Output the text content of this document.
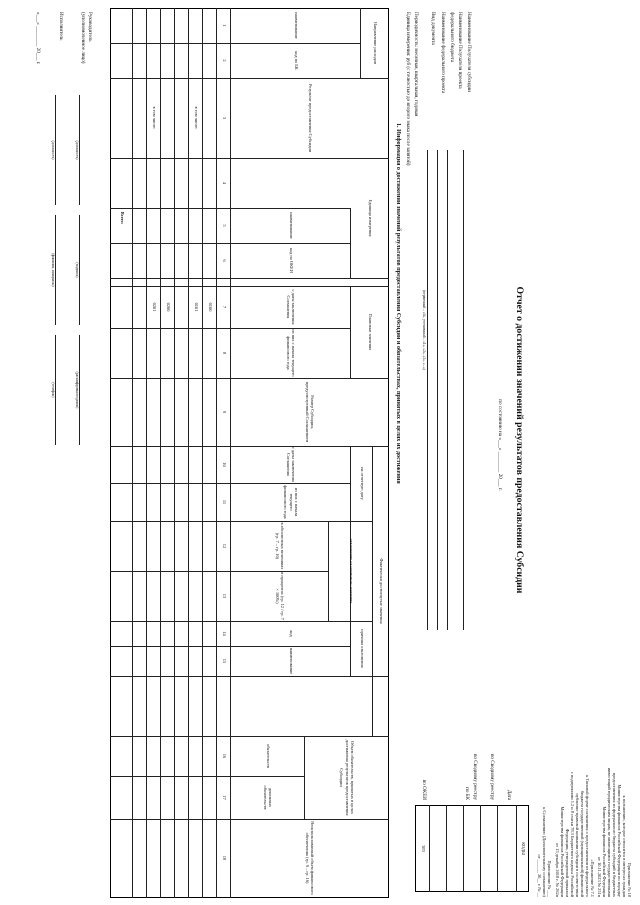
Приложение № 18
к положению, которое относится в интересах граждан
Министерства финансов Российской Федерации по порядку
предоставления из федерального бюджета субсидий и бюджетных
инвестиций юридическим лицам, не являющимся государственными
Министерства финансов Российской Федерации
от 10.11.2023 № 251н
«Приложение № 7.1
к Типовой форме соглашения о предоставлении из федерального
бюджета государственной (муниципальной) финансовой
публично-правовой компании субсидии в соответствии
с подпунктами 1.2 и 8 статьи 78.3 Бюджетного кодекса Российской
Федерации, утвержденной приказом
Министерства финансов Российской Федерации
от 13 декабря 2018 г. № 262н
Приложение № ___
к Соглашению (Дополнительному соглашению)
от ______ 20__ г. № __
КОДЫ
383
Дата
по Сводному реестру
по Сводному реестру
по БК
по ОКЕИ
Отчет о достижении значений результатов предоставления Субсидии
по состоянию на «___» ________ 20___ г.
Наименование Получателя субсидии
Наименование Получателя проекта
федерального бюджета
Наименование федерального проекта
Вид документа
Периодичность: месячная, квартальная, годовая
Единица измерения: руб (с точностью до второго знака после запятой)
(первичный – «0», уточненный – «1», «2», «3», «...»)
1. Информация о достижении значений результатов предоставления Субсидии и обязательствах, принятых в целях их достижения
Направление расходов
наименование
код по БК
Результат предоставления Субсидии
Единица измерения
наименование
код по ОКЕИ
Плановые значения
с даты заключения Соглашения
из них с начала текущего финансового года
Размер Субсидии, предусмотренный Соглашением
Фактически достигнутые значения
на отчетную дату
с даты заключения Соглашения
из них с начала текущего финансового года
отклонение от планового значения
в абсолютных величинах (гр. 7 – гр. 10)
в процентах (гр. 12 / гр. 7 × 100%)
причина отклонения
код
наименование
Объем обязательств, принятых в целях достижения результатов предоставления Субсидии
обязательств
денежных обязательств
Неиспользованный объем финансового обеспечения (гр. 9 – гр. 16)
1
2
3
4
5
6
7
8
9
10
11
12
13
14
15
16
17
18
0100
0101
0200
0201
в том числе:
в том числе:
Всего:
Руководитель
(уполномоченное лицо)
(должность)
(подпись)
(расшифровка подписи)
Исполнитель
(должность)
(фамилия, инициалы)
(телефон)
«___» ________ 20___ г.
